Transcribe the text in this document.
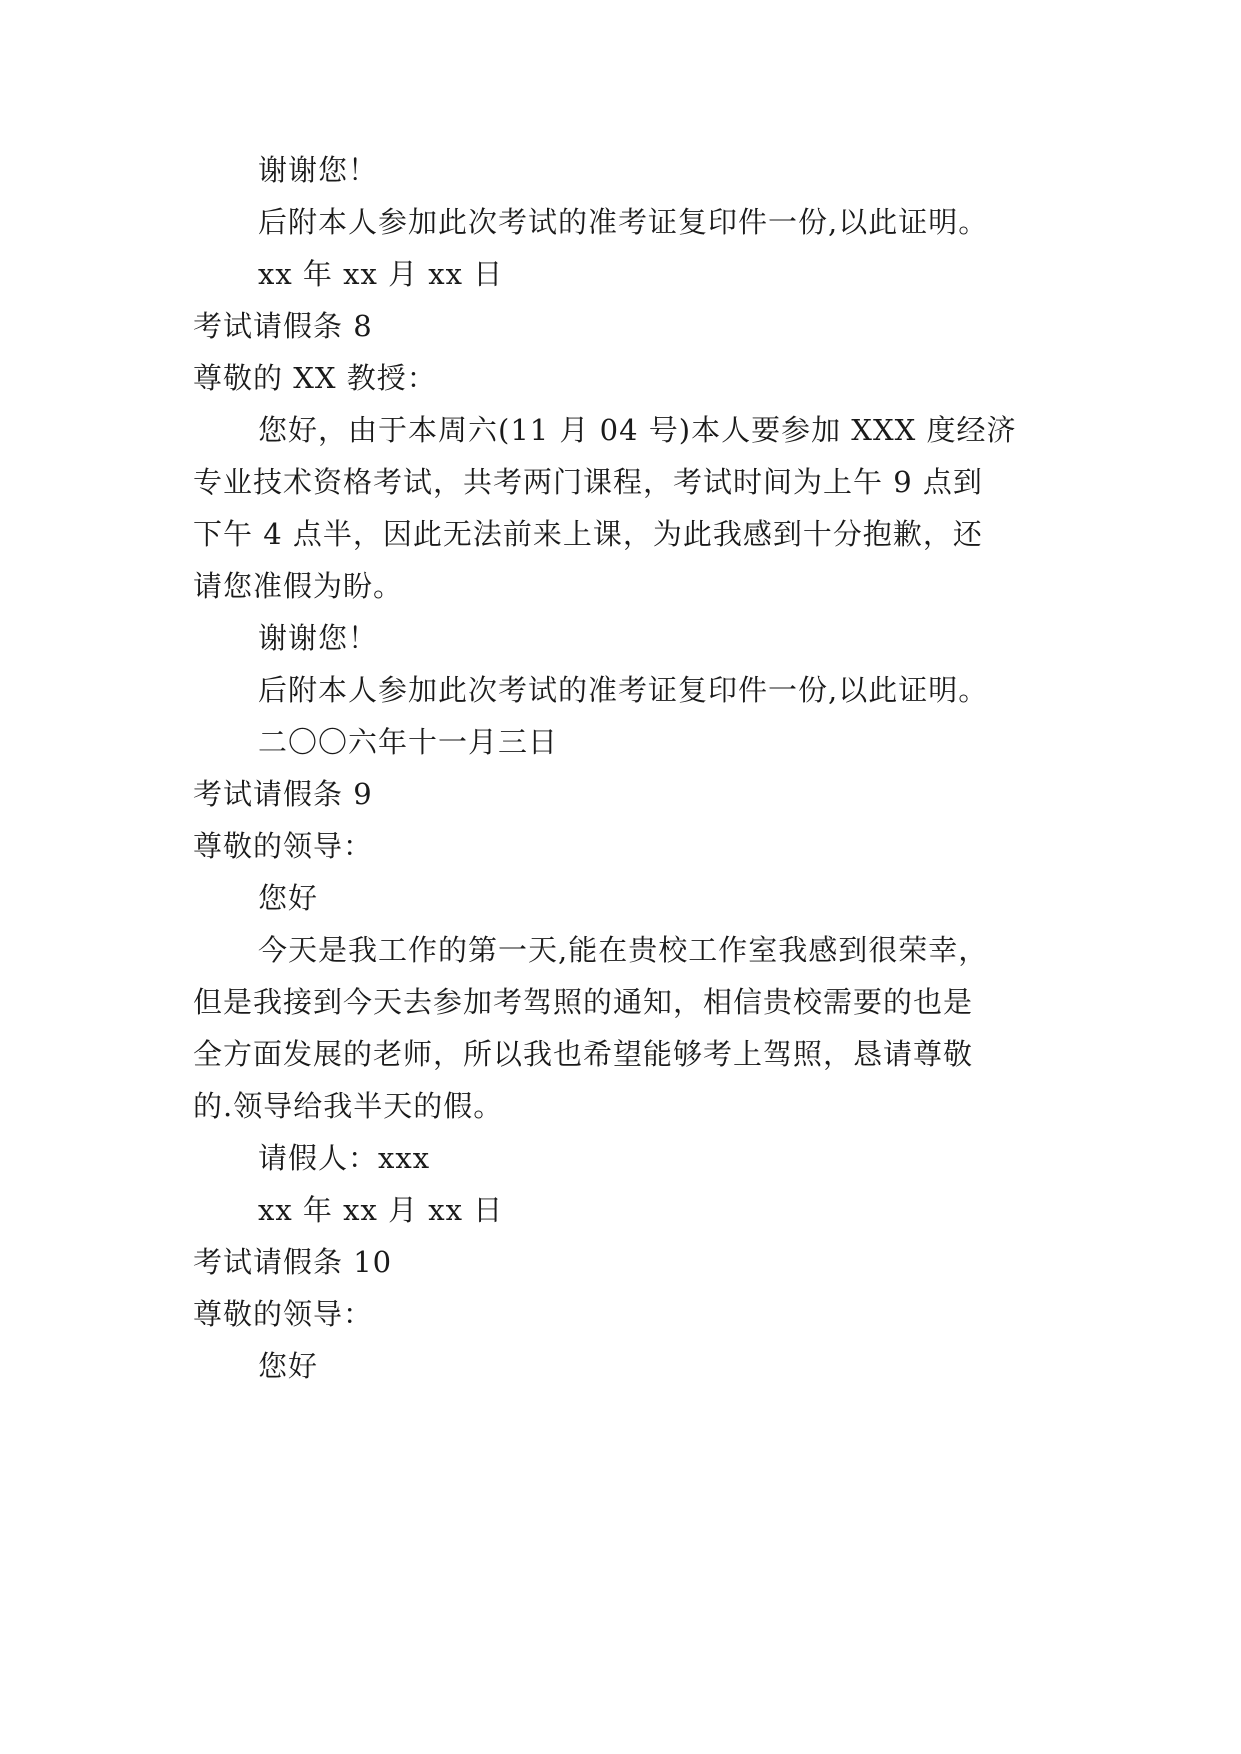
谢谢您！
后附本人参加此次考试的准考证复印件一份,以此证明。
xx 年 xx 月 xx 日
考试请假条 8
尊敬的 XX 教授：
您好，由于本周六(11 月 04 号)本人要参加 XXX 度经济
专业技术资格考试，共考两门课程，考试时间为上午 9 点到
下午 4 点半，因此无法前来上课，为此我感到十分抱歉，还
请您准假为盼。
谢谢您！
后附本人参加此次考试的准考证复印件一份,以此证明。
二〇〇六年十一月三日
考试请假条 9
尊敬的领导：
您好
今天是我工作的第一天,能在贵校工作室我感到很荣幸，
但是我接到今天去参加考驾照的通知，相信贵校需要的也是
全方面发展的老师，所以我也希望能够考上驾照，恳请尊敬
的.领导给我半天的假。
请假人：xxx
xx 年 xx 月 xx 日
考试请假条 10
尊敬的领导：
您好
